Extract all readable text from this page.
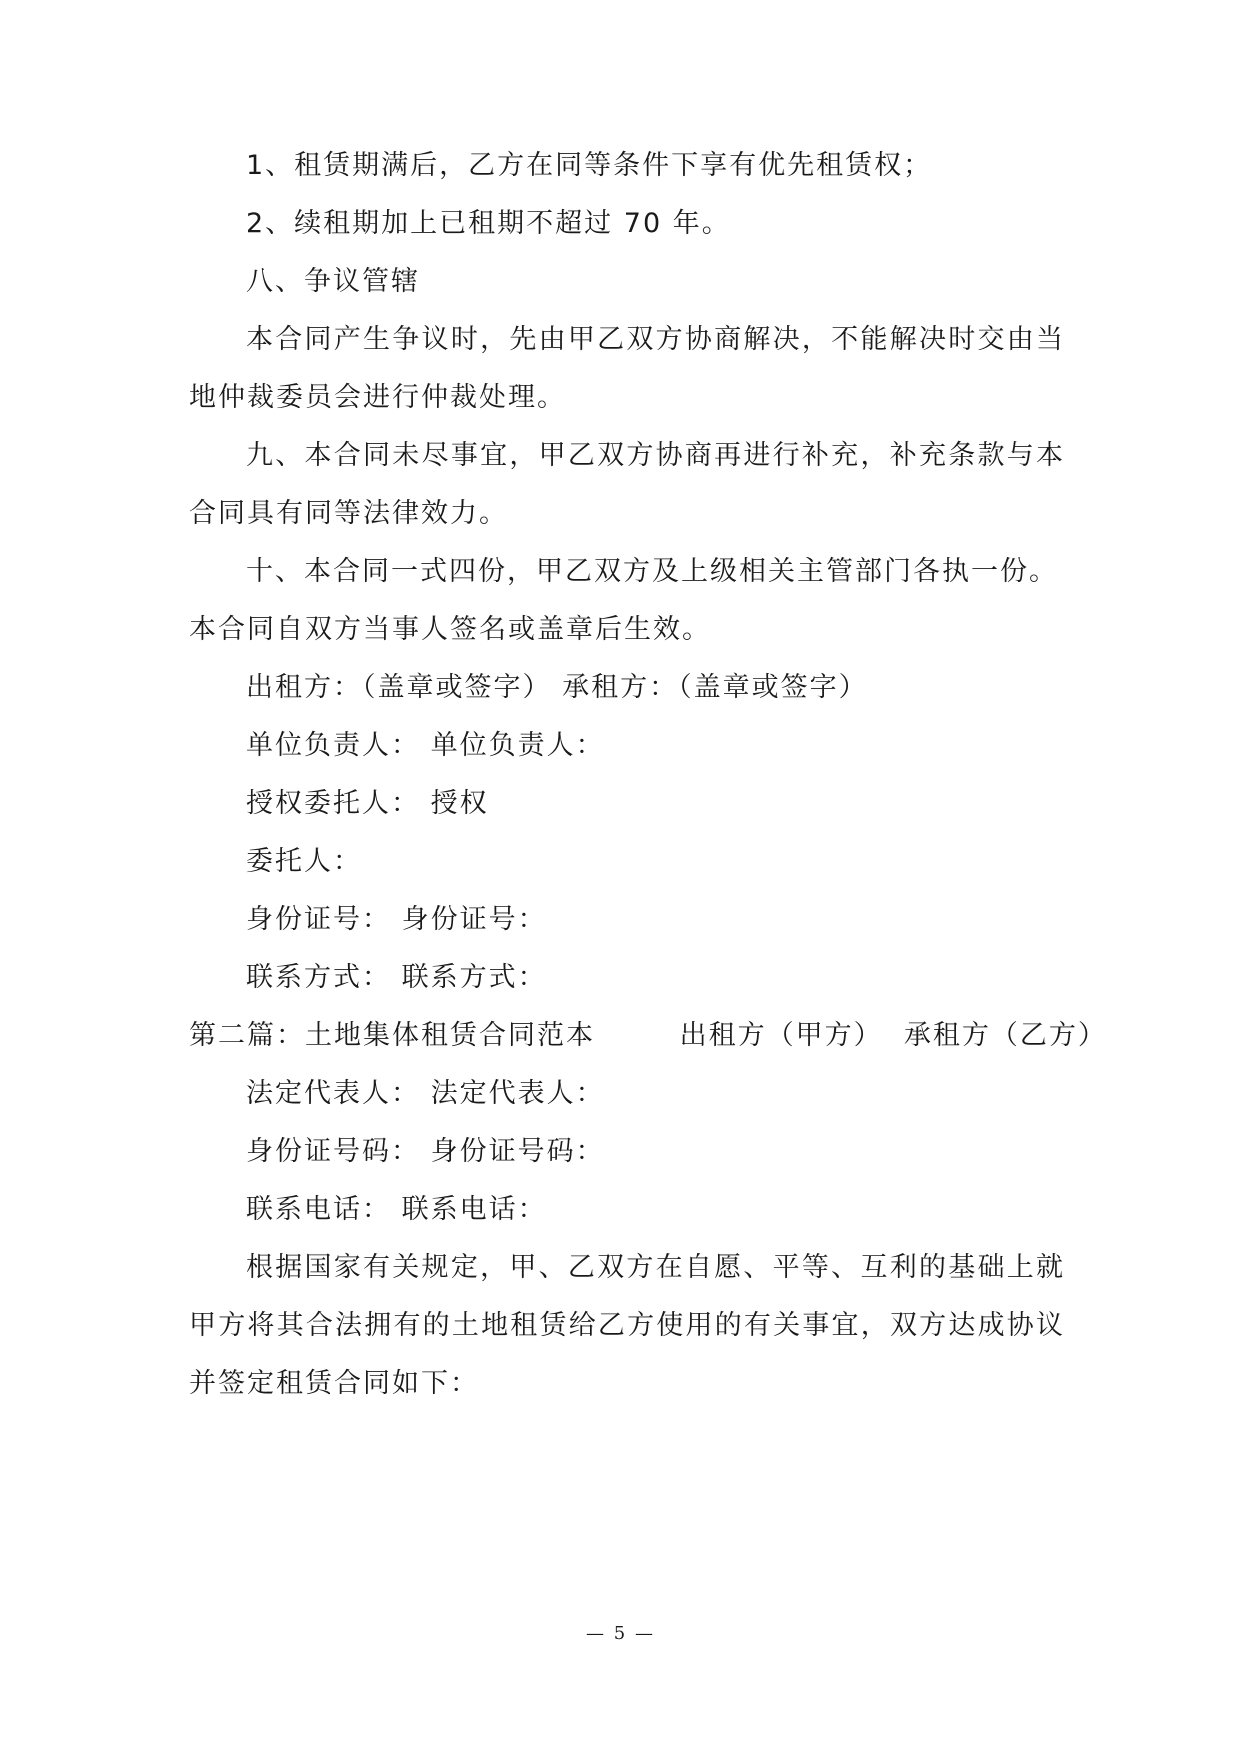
1、租赁期满后，乙方在同等条件下享有优先租赁权；
2、续租期加上已租期不超过 70 年。
八、争议管辖
本合同产生争议时，先由甲乙双方协商解决，不能解决时交由当
地仲裁委员会进行仲裁处理。
九、本合同未尽事宜，甲乙双方协商再进行补充，补充条款与本
合同具有同等法律效力。
十、本合同一式四份，甲乙双方及上级相关主管部门各执一份。
本合同自双方当事人签名或盖章后生效。
出租方：（盖章或签字） 承租方：（盖章或签字）
单位负责人： 单位负责人：
授权委托人： 授权
委托人：
身份证号： 身份证号：
联系方式： 联系方式：
第二篇：土地集体租赁合同范本        出租方（甲方）  承租方（乙方）
法定代表人： 法定代表人：
身份证号码： 身份证号码：
联系电话： 联系电话：
根据国家有关规定，甲、乙双方在自愿、平等、互利的基础上就
甲方将其合法拥有的土地租赁给乙方使用的有关事宜，双方达成协议
并签定租赁合同如下：
— 5 —
